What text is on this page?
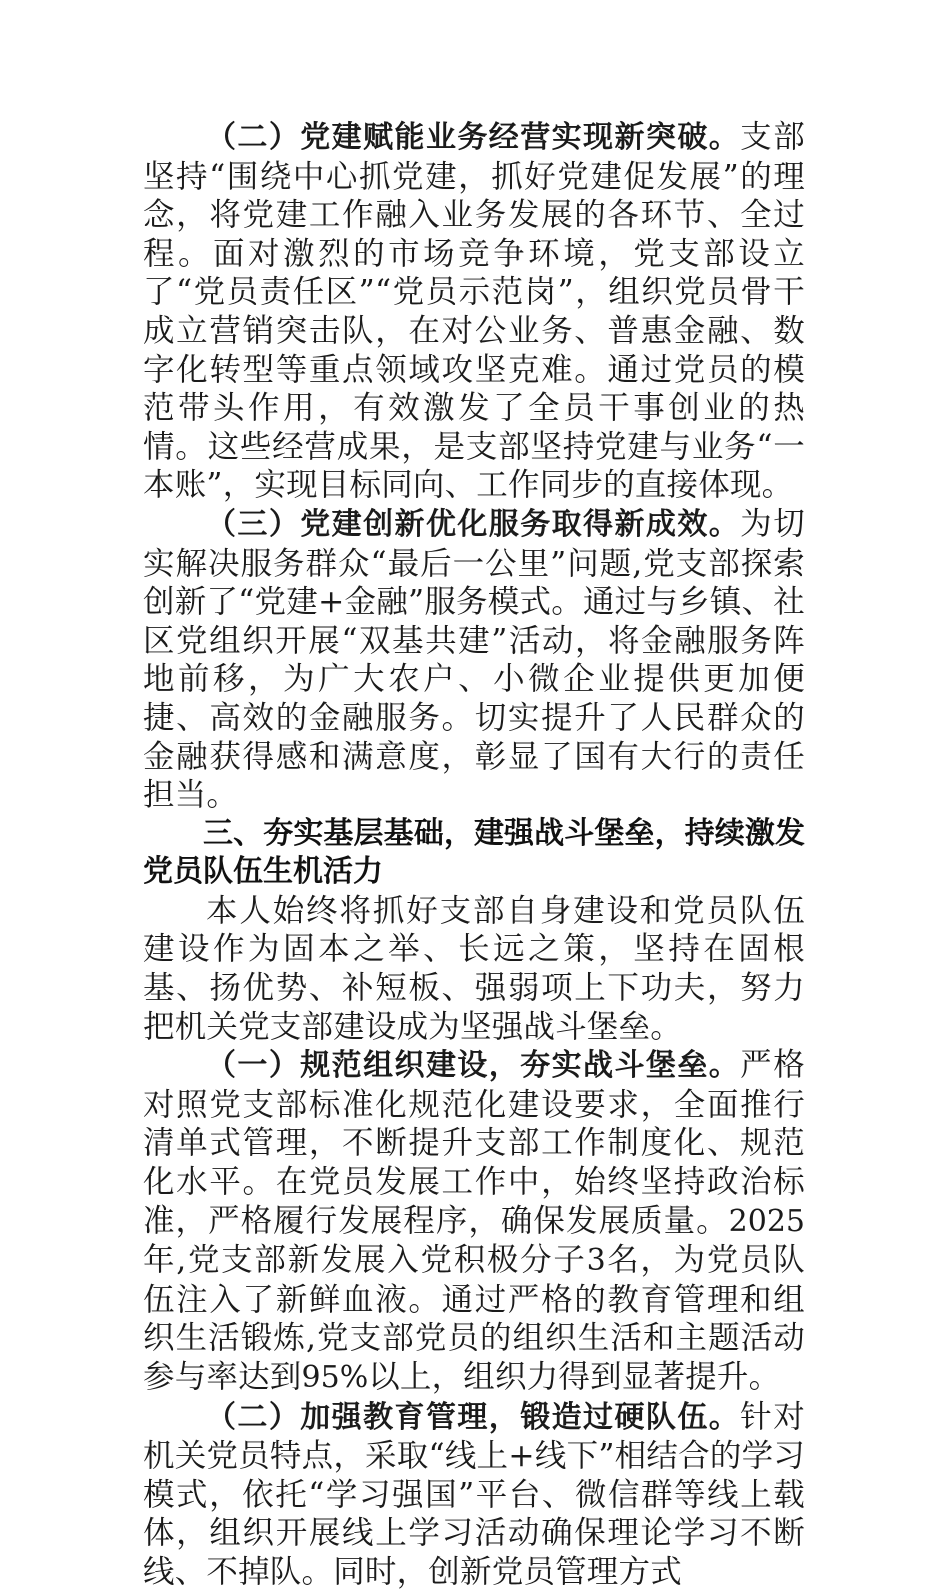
（二）党建赋能业务经营实现新突破。支部坚持“围绕中心抓党建，抓好党建促发展”的理念，将党建工作融入业务发展的各环节、全过程。面对激烈的市场竞争环境，党支部设立了“党员责任区”“党员示范岗”，组织党员骨干成立营销突击队，在对公业务、普惠金融、数字化转型等重点领域攻坚克难。通过党员的模范带头作用，有效激发了全员干事创业的热情。这些经营成果，是支部坚持党建与业务“一本账”，实现目标同向、工作同步的直接体现。

（三）党建创新优化服务取得新成效。为切实解决服务群众“最后一公里”问题,党支部探索创新了“党建+金融”服务模式。通过与乡镇、社区党组织开展“双基共建”活动，将金融服务阵地前移，为广大农户、小微企业提供更加便捷、高效的金融服务。切实提升了人民群众的金融获得感和满意度，彰显了国有大行的责任担当。

三、夯实基层基础，建强战斗堡垒，持续激发党员队伍生机活力

本人始终将抓好支部自身建设和党员队伍建设作为固本之举、长远之策，坚持在固根基、扬优势、补短板、强弱项上下功夫，努力把机关党支部建设成为坚强战斗堡垒。

（一）规范组织建设，夯实战斗堡垒。严格对照党支部标准化规范化建设要求，全面推行清单式管理，不断提升支部工作制度化、规范化水平。在党员发展工作中，始终坚持政治标准，严格履行发展程序，确保发展质量。2025年,党支部新发展入党积极分子3名，为党员队伍注入了新鲜血液。通过严格的教育管理和组织生活锻炼,党支部党员的组织生活和主题活动参与率达到95%以上，组织力得到显著提升。

（二）加强教育管理，锻造过硬队伍。针对机关党员特点，采取“线上+线下”相结合的学习模式，依托“学习强国”平台、微信群等线上载体，组织开展线上学习活动确保理论学习不断线、不掉队。同时，创新党员管理方式
